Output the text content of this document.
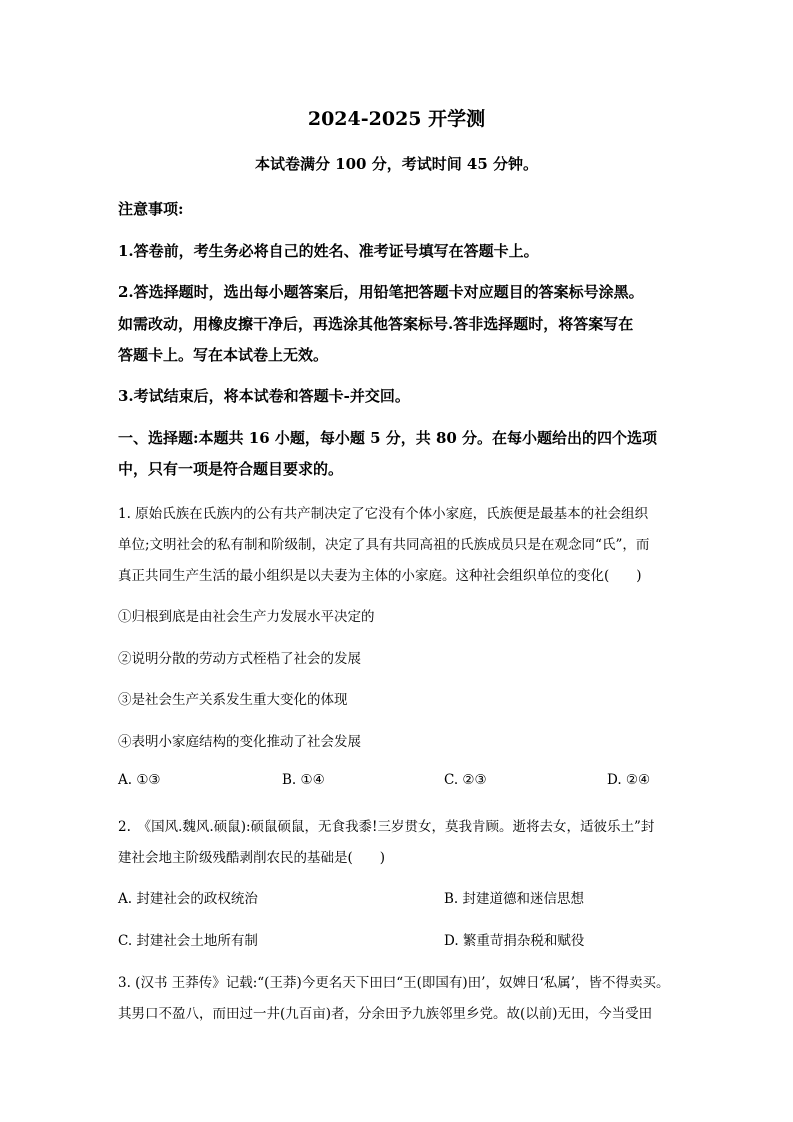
2024-2025 开学测
本试卷满分 100 分，考试时间 45 分钟。
注意事项:
1.答卷前，考生务必将自己的姓名、准考证号填写在答题卡上。
2.答选择题时，选出每小题答案后，用铅笔把答题卡对应题目的答案标号涂黑。
如需改动，用橡皮擦干净后，再选涂其他答案标号.答非选择题时，将答案写在
答题卡上。写在本试卷上无效。
3.考试结束后，将本试卷和答题卡-并交回。
一、选择题:本题共 16 小题，每小题 5 分，共 80 分。在每小题给出的四个选项
中，只有一项是符合题目要求的。
1. 原始氏族在氏族内的公有共产制决定了它没有个体小家庭，氏族便是最基本的社会组织
单位;文明社会的私有制和阶级制，决定了具有共同高祖的氏族成员只是在观念同“氏”，而
真正共同生产生活的最小组织是以夫妻为主体的小家庭。这种社会组织单位的变化(　　)
①归根到底是由社会生产力发展水平决定的
②说明分散的劳动方式桎梏了社会的发展
③是社会生产关系发生重大变化的体现
④表明小家庭结构的变化推动了社会发展
A. ①③	B. ①④	C. ②③	D. ②④
2.　《国风.魏风.硕鼠):硕鼠硕鼠，无食我黍!三岁贯女，莫我肯顾。逝将去女，适彼乐土”封
建社会地主阶级残酷剥削农民的基础是(　　)
A. 封建社会的政权统治	B. 封建道德和迷信思想
C. 封建社会土地所有制	D. 繁重苛捐杂税和赋役
3. (汉书 王莽传》记载:“(王莽)今更名天下田曰“王(即国有)田’，奴婢日‘私属’，皆不得卖买。
其男口不盈八，而田过一井(九百亩)者，分余田予九族邻里乡党。故(以前)无田，今当受田
